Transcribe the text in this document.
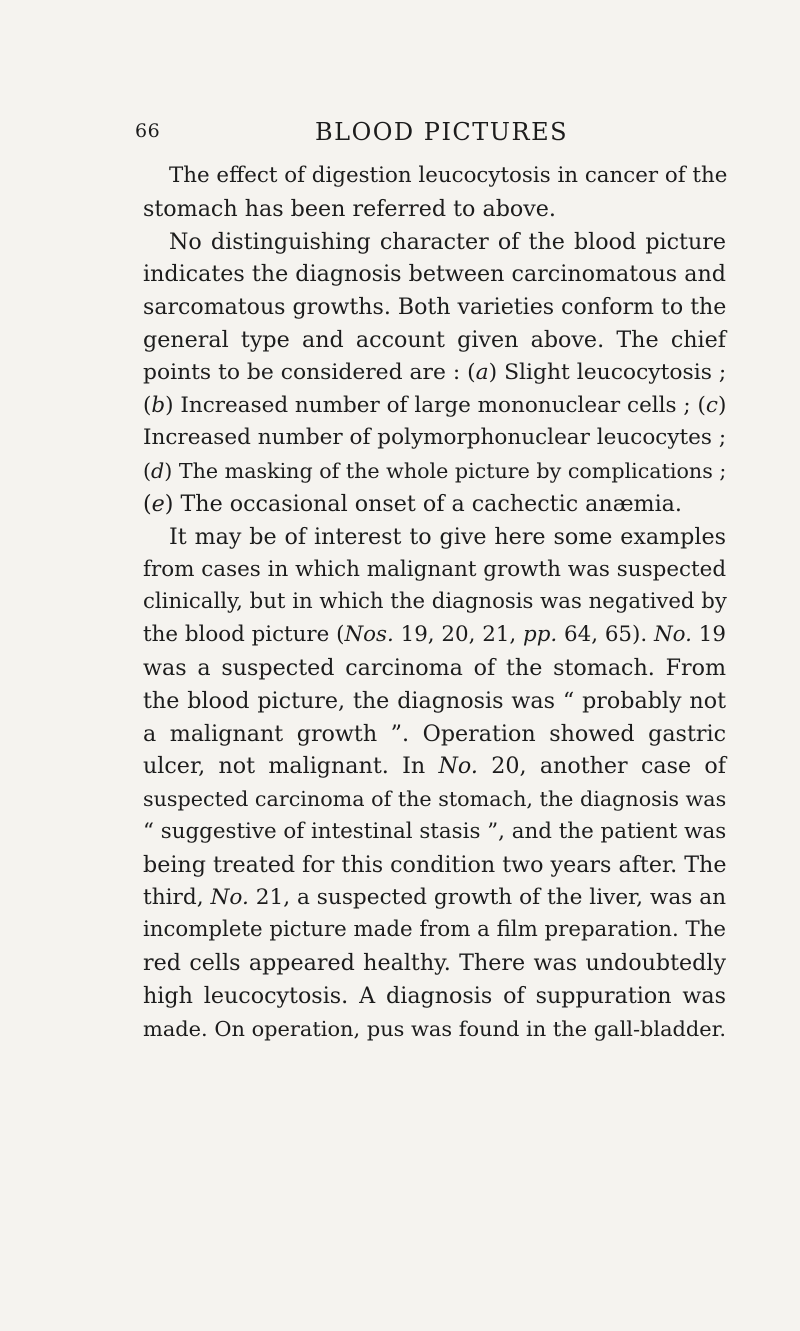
66	BLOOD PICTURES
The effect of digestion leucocytosis in cancer of the
stomach has been referred to above.
No distinguishing character of the blood picture
indicates the diagnosis between carcinomatous and
sarcomatous growths. Both varieties conform to the
general type and account given above. The chief
points to be considered are : (a) Slight leucocytosis ;
(b) Increased number of large mononuclear cells ; (c)
Increased number of polymorphonuclear leucocytes ;
(d) The masking of the whole picture by complications ;
(e) The occasional onset of a cachectic anæmia.
It may be of interest to give here some examples
from cases in which malignant growth was suspected
clinically, but in which the diagnosis was negatived by
the blood picture (Nos. 19, 20, 21, pp. 64, 65). No. 19
was a suspected carcinoma of the stomach. From
the blood picture, the diagnosis was “ probably not
a malignant growth ”. Operation showed gastric
ulcer, not malignant. In No. 20, another case of
suspected carcinoma of the stomach, the diagnosis was
“ suggestive of intestinal stasis ”, and the patient was
being treated for this condition two years after. The
third, No. 21, a suspected growth of the liver, was an
incomplete picture made from a film preparation. The
red cells appeared healthy. There was undoubtedly
high leucocytosis. A diagnosis of suppuration was
made. On operation, pus was found in the gall-bladder.
